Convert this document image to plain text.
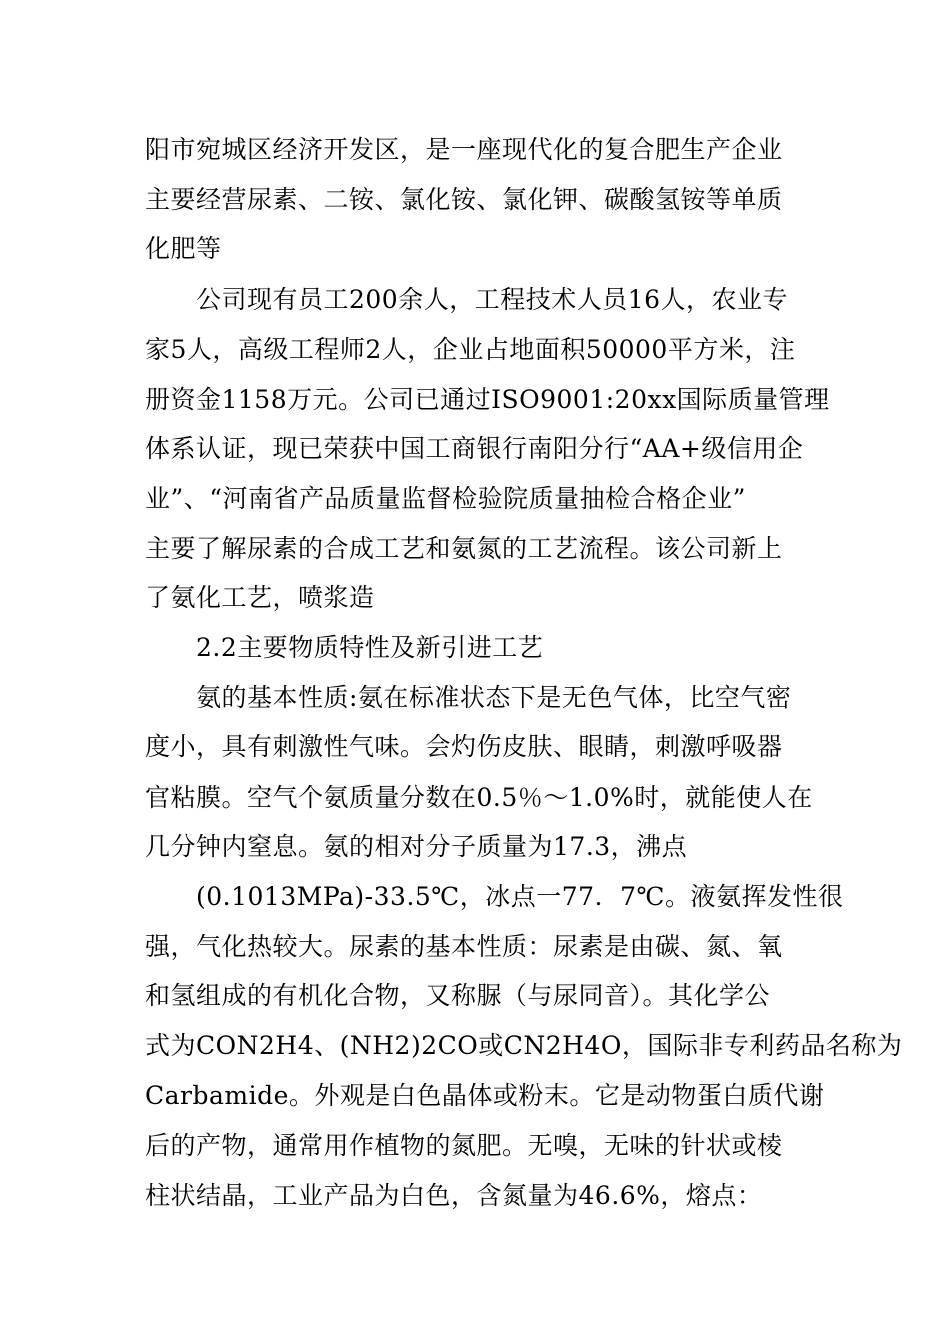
阳市宛城区经济开发区，是一座现代化的复合肥生产企业
主要经营尿素、二铵、氯化铵、氯化钾、碳酸氢铵等单质
化肥等
公司现有员工200余人，工程技术人员16人，农业专
家5人，高级工程师2人，企业占地面积50000平方米，注
册资金1158万元。公司已通过ISO9001:20xx国际质量管理
体系认证，现已荣获中国工商银行南阳分行“AA+级信用企
业”、“河南省产品质量监督检验院质量抽检合格企业”
主要了解尿素的合成工艺和氨氮的工艺流程。该公司新上
了氨化工艺，喷浆造
2.2主要物质特性及新引进工艺
氨的基本性质:氨在标准状态下是无色气体，比空气密
度小，具有刺激性气味。会灼伤皮肤、眼睛，刺激呼吸器
官粘膜。空气个氨质量分数在0.5％～1.0%时，就能使人在
几分钟内窒息。氨的相对分子质量为17.3，沸点
(0.1013MPa)-33.5℃，冰点一77．7℃。液氨挥发性很
强，气化热较大。尿素的基本性质：尿素是由碳、氮、氧
和氢组成的有机化合物，又称脲（与尿同音）。其化学公
式为CON2H4、(NH2)2CO或CN2H4O，国际非专利药品名称为
Carbamide。外观是白色晶体或粉末。它是动物蛋白质代谢
后的产物，通常用作植物的氮肥。无嗅，无味的针状或棱
柱状结晶，工业产品为白色，含氮量为46.6%，熔点：
